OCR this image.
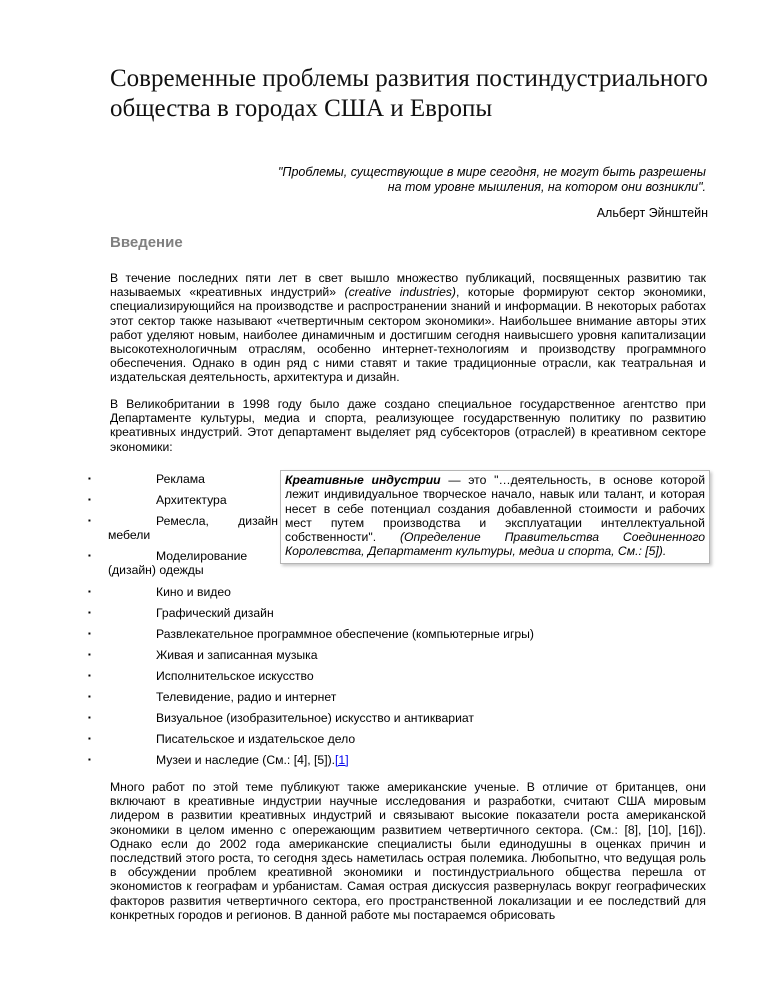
Современные проблемы развития постиндустриального общества в городах США и Европы
"Проблемы, существующие в мире сегодня, не могут быть разрешены
на том уровне мышления, на котором они возникли".
Альберт Эйнштейн
Введение

В течение последних пяти лет в свет вышло множество публикаций, посвященных развитию так называемых «креативных индустрий» (creative industries), которые формируют сектор экономики, специализирующийся на производстве и распространении знаний и информации. В некоторых работах этот сектор также называют «четвертичным сектором экономики». Наибольшее внимание авторы этих работ уделяют новым, наиболее динамичным и достигшим сегодня наивысшего уровня капитализации высокотехнологичным отраслям, особенно интернет-технологиям и производству программного обеспечения. Однако в один ряд с ними ставят и такие традиционные отрасли, как театральная и издательская деятельность, архитектура и дизайн.

В Великобритании в 1998 году было даже создано специальное государственное агентство при Департаменте культуры, медиа и спорта, реализующее государственную политику по развитию креативных индустрий. Этот департамент выделяет ряд субсекторов (отраслей) в креативном секторе экономики:

▪	Реклама
▪	Архитектура
▪	Ремесла, дизайн мебели
▪	Моделирование (дизайн) одежды
▪	Кино и видео
▪	Графический дизайн
▪	Развлекательное программное обеспечение (компьютерные игры)
▪	Живая и записанная музыка
▪	Исполнительское искусство
▪	Телевидение, радио и интернет
▪	Визуальное (изобразительное) искусство и антиквариат
▪	Писательское и издательское дело
▪	Музеи и наследие (См.: [4], [5]).[1]
Креативные индустрии — это "…деятельность, в основе которой лежит индивидуальное творческое начало, навык или талант, и которая несет в себе потенциал создания добавленной стоимости и рабочих мест путем производства и эксплуатации интеллектуальной собственности". (Определение Правительства Соединенного Королевства, Департамент культуры, медиа и спорта, См.: [5]).

Много работ по этой теме публикуют также американские ученые. В отличие от британцев, они включают в креативные индустрии научные исследования и разработки, считают США мировым лидером в развитии креативных индустрий и связывают высокие показатели роста американской экономики в целом именно с опережающим развитием четвертичного сектора. (См.: [8], [10], [16]). Однако если до 2002 года американские специалисты были единодушны в оценках причин и последствий этого роста, то сегодня здесь наметилась острая полемика. Любопытно, что ведущая роль в обсуждении проблем креативной экономики и постиндустриального общества перешла от экономистов к географам и урбанистам. Самая острая дискуссия развернулась вокруг географических факторов развития четвертичного сектора, его пространственной локализации и ее последствий для конкретных городов и регионов. В данной работе мы постараемся обрисовать
